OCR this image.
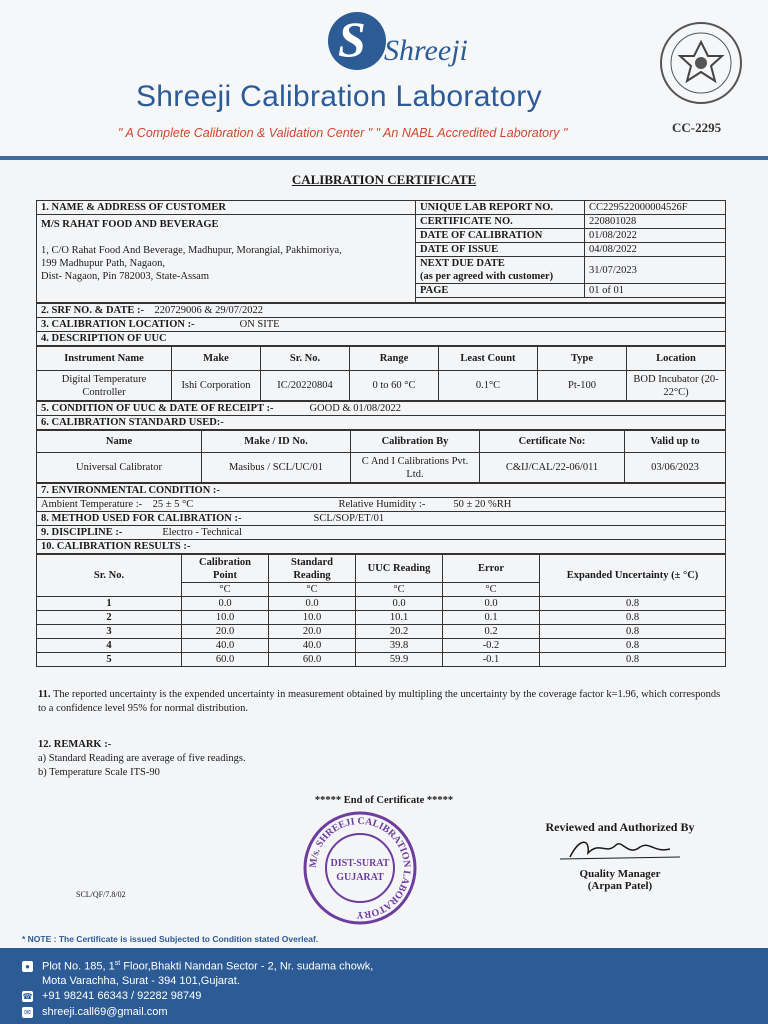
S Shreeji
Shreeji Calibration Laboratory
" A Complete Calibration & Validation Center " " An NABL Accredited Laboratory "	CC-2295
CALIBRATION CERTIFICATE
1. NAME & ADDRESS OF CUSTOMER	UNIQUE LAB REPORT NO.	CC229522000004526F

M/S RAHAT FOOD AND BEVERAGE
1, C/O Rahat Food And Beverage, Madhupur, Morangial, Pakhimoriya,
199 Madhupur Path, Nagaon,
Dist- Nagaon, Pin 782003, State-Assam	CERTIFICATE NO.	220801028
	DATE OF CALIBRATION	01/08/2022
	DATE OF ISSUE	04/08/2022

	NEXT DUE DATE
(as per agreed with customer)	31/07/2023
	PAGE	01 of 01

2. SRF NO. & DATE :- 220729006 & 29/07/2022
3. CALIBRATION LOCATION :-	ON SITE
4. DESCRIPTION OF UUC
Instrument Name	Make	Sr. No.	Range	Least Count	Type	Location
Digital Temperature Controller	Ishi Corporation	IC/20220804	0 to 60 °C	0.1°C	Pt-100	BOD Incubator (20-22°C)
5. CONDITION OF UUC & DATE OF RECEIPT :-	GOOD & 01/08/2022
6. CALIBRATION STANDARD USED:-
Name	Make / ID No.	Calibration By	Certificate No:	Valid up to
Universal Calibrator	Masibus / SCL/UC/01	C And I Calibrations Pvt. Ltd.	C&IJ/CAL/22-06/011	03/06/2023
7. ENVIRONMENTAL CONDITION :-
Ambient Temperature :- 25 ± 5 °C	Relative Humidity :-	50 ± 20 %RH
8. METHOD USED FOR CALIBRATION :-	SCL/SOP/ET/01
9. DISCIPLINE :-	Electro - Technical
10. CALIBRATION RESULTS :-
Sr. No.	Calibration Point	Standard Reading	UUC Reading	Error	Expanded Uncertainty (± °C)
	°C	°C	°C	°C	
1	0.0	0.0	0.0	0.0	0.8
2	10.0	10.0	10.1	0.1	0.8
3	20.0	20.0	20.2	0.2	0.8
4	40.0	40.0	39.8	-0.2	0.8
5	60.0	60.0	59.9	-0.1	0.8
11. The reported uncertainty is the expended uncertainty in measurement obtained by multipling the uncertainty by the coverage factor k=1.96, which corresponds to a confidence level 95% for normal distribution.
12. REMARK :-
a) Standard Reading are average of five readings.
b) Temperature Scale ITS-90
***** End of Certificate *****
M/s. SHREEJI CALIBRATION LABORATORY
DIST-SURAT
GUJARAT
Reviewed and Authorized By
Quality Manager
(Arpan Patel)
SCL/QF/7.8/02
* NOTE : The Certificate is issued Subjected to Condition stated Overleaf.
● Plot No. 185, 1st Floor,Bhakti Nandan Sector - 2, Nr. sudama chowk,
Mota Varachha, Surat - 394 101,Gujarat.
☎ +91 98241 66343 / 92282 98749
✉ shreeji.call69@gmail.com
